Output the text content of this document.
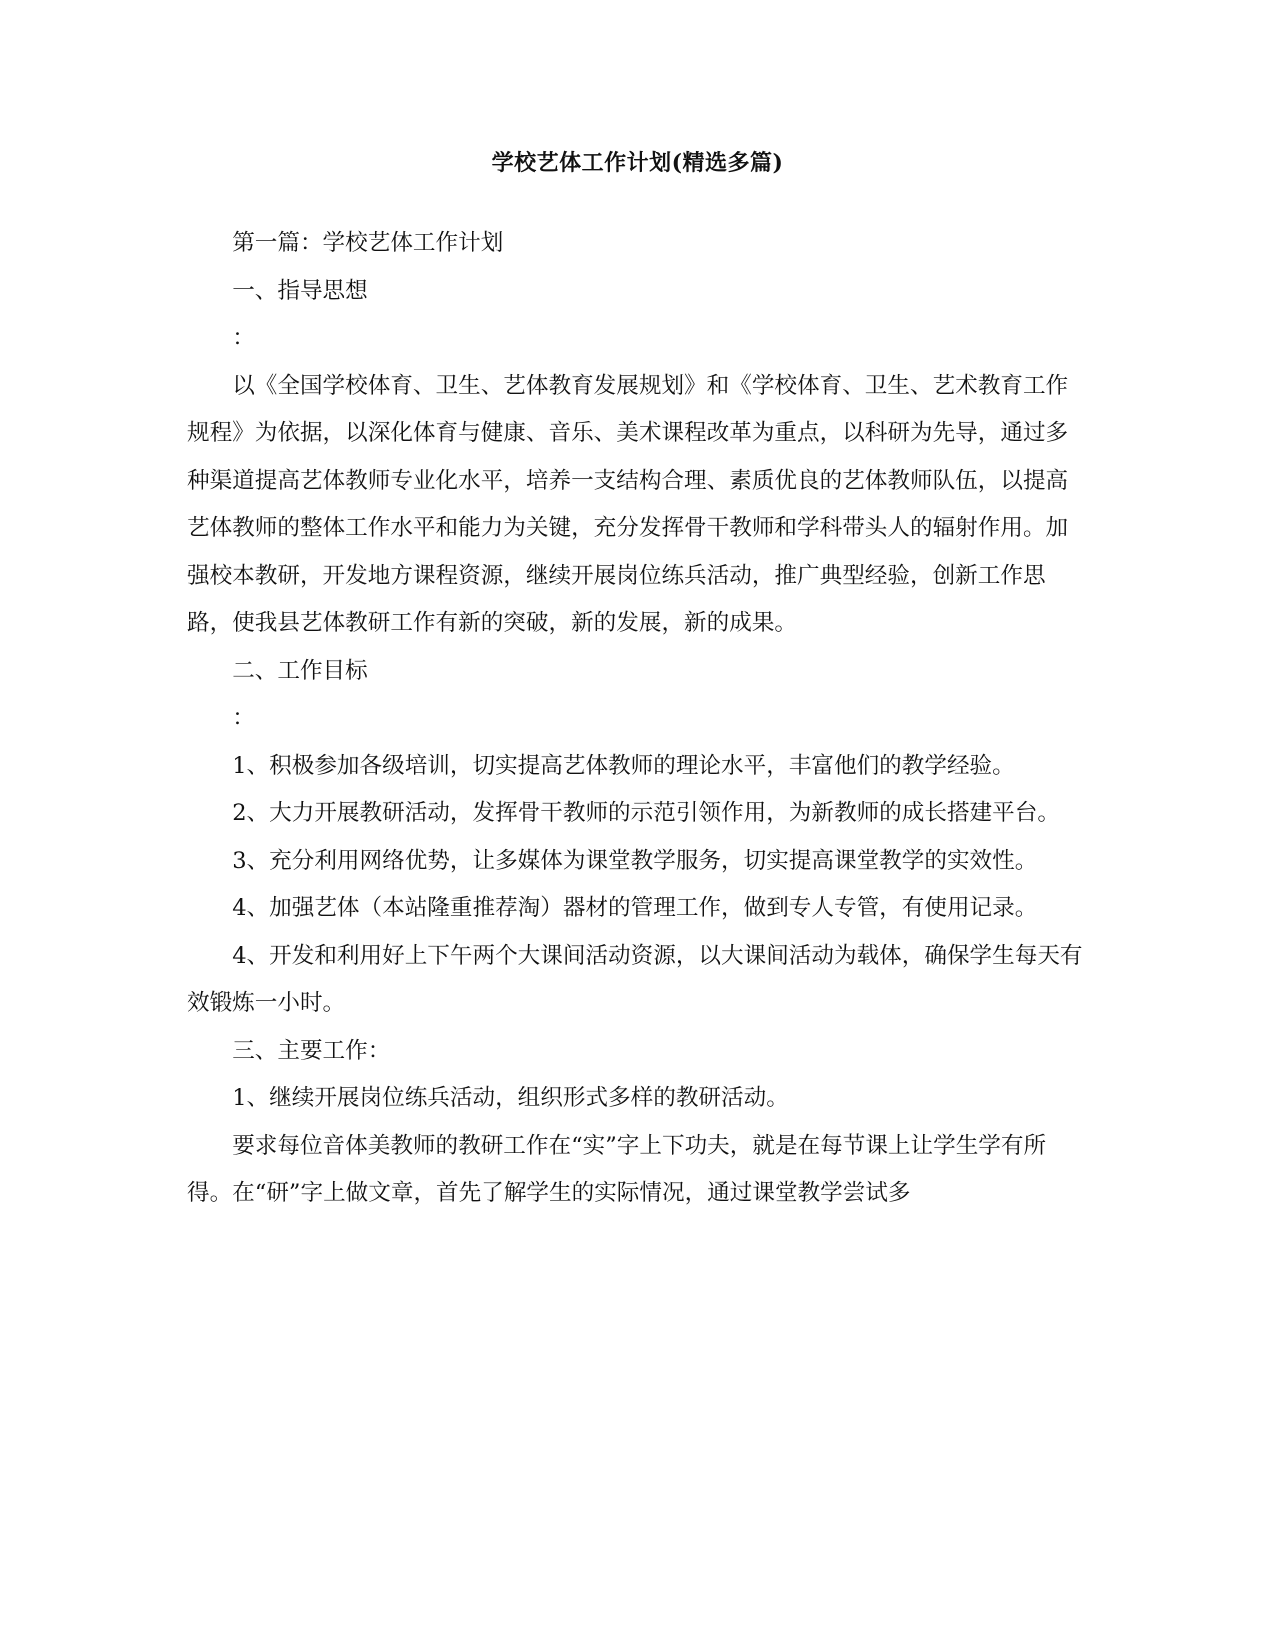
学校艺体工作计划(精选多篇)

第一篇：学校艺体工作计划

一、指导思想

：

以《全国学校体育、卫生、艺体教育发展规划》和《学校体育、卫生、艺术教育工作规程》为依据，以深化体育与健康、音乐、美术课程改革为重点，以科研为先导，通过多种渠道提高艺体教师专业化水平，培养一支结构合理、素质优良的艺体教师队伍，以提高艺体教师的整体工作水平和能力为关键，充分发挥骨干教师和学科带头人的辐射作用。加强校本教研，开发地方课程资源，继续开展岗位练兵活动，推广典型经验，创新工作思路，使我县艺体教研工作有新的突破，新的发展，新的成果。

二、工作目标

：

1、积极参加各级培训，切实提高艺体教师的理论水平，丰富他们的教学经验。

2、大力开展教研活动，发挥骨干教师的示范引领作用，为新教师的成长搭建平台。

3、充分利用网络优势，让多媒体为课堂教学服务，切实提高课堂教学的实效性。

4、加强艺体（本站隆重推荐淘）器材的管理工作，做到专人专管，有使用记录。

4、开发和利用好上下午两个大课间活动资源，以大课间活动为载体，确保学生每天有效锻炼一小时。

三、主要工作：

1、继续开展岗位练兵活动，组织形式多样的教研活动。

要求每位音体美教师的教研工作在“实”字上下功夫，就是在每节课上让学生学有所得。在“研”字上做文章，首先了解学生的实际情况，通过课堂教学尝试多
